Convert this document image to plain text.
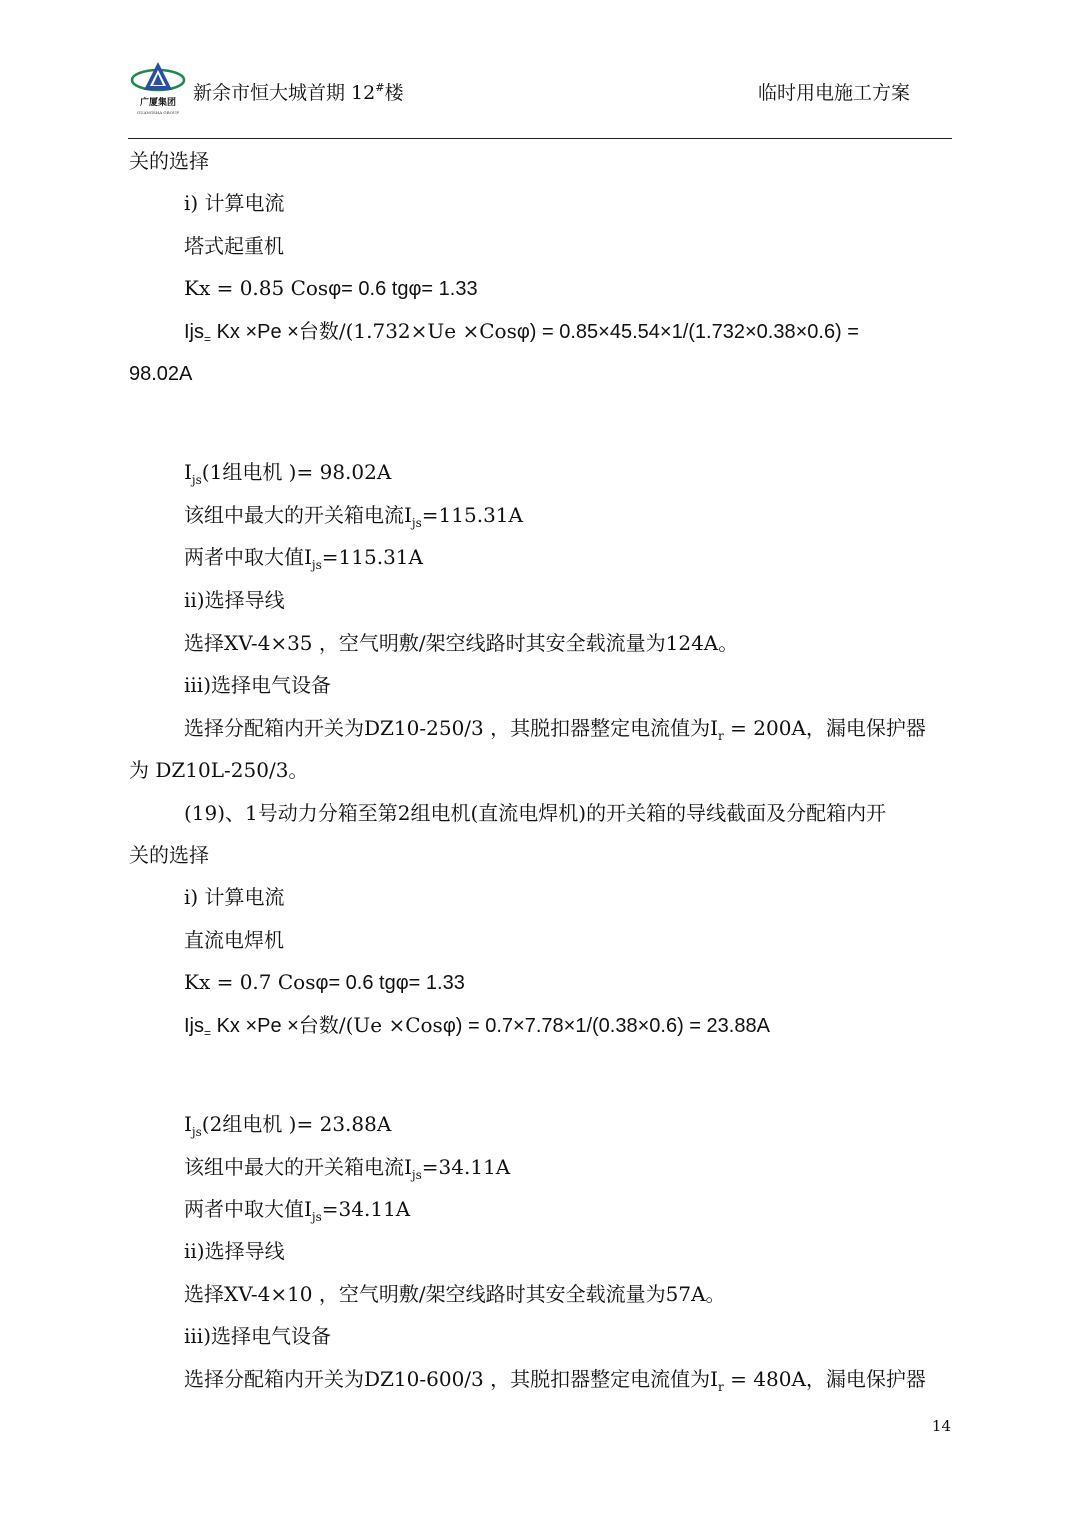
广厦集团
GUANGSHA GROUP
新余市恒大城首期 12#楼	临时用电施工方案
关的选择
i) 计算电流
塔式起重机
Kx = 0.85 Cosφ= 0.6 tgφ= 1.33
Ijs$_=$ Kx ×Pe ×台数/(1.732×Ue ×Cosφ) = 0.85×45.54×1/(1.732×0.38×0.6) =
98.02A
$I_{js}(1$组电机 )= 98.02A
该组中最大的开关箱电流$I_{js}=115.31A$
两者中取大值$I_{js}=115.31A$
ii)选择导线
选择XV-4×35 ，空气明敷/架空线路时其安全载流量为124A。
iii)选择电气设备
选择分配箱内开关为DZ10-250/3 ，其脱扣器整定电流值为$I_r = 200A$，漏电保护器
为 DZ10L-250/3。
(19)、1号动力分箱至第2组电机(直流电焊机)的开关箱的导线截面及分配箱内开
关的选择
i) 计算电流
直流电焊机
Kx = 0.7 Cosφ= 0.6 tgφ= 1.33
Ijs$_=$ Kx ×Pe ×台数/(Ue ×Cosφ) = 0.7×7.78×1/(0.38×0.6) = 23.88A
$I_{js}(2$组电机 )= 23.88A
该组中最大的开关箱电流$I_{js}=34.11A$
两者中取大值$I_{js}=34.11A$
ii)选择导线
选择XV-4×10 ，空气明敷/架空线路时其安全载流量为57A。
iii)选择电气设备
选择分配箱内开关为DZ10-600/3 ，其脱扣器整定电流值为$I_r = 480A$，漏电保护器
14
